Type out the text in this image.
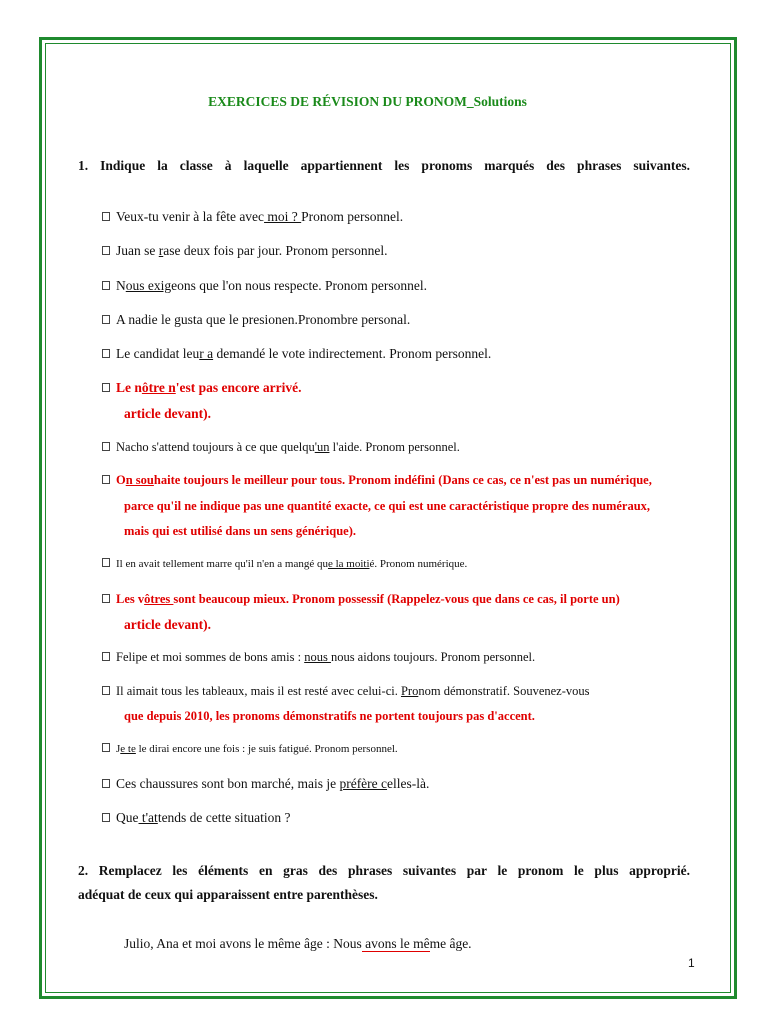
EXERCICES DE RÉVISION DU PRONOM_Solutions
1. Indique la classe à laquelle appartiennent les pronoms marqués des phrases suivantes.
Veux-tu venir à la fête avec moi ? Pronom personnel.
Juan se rase deux fois par jour. Pronom personnel.
Nous exigeons que l'on nous respecte. Pronom personnel.
A nadie le gusta que le presionen.Pronombre personal.
Le candidat leur a demandé le vote indirectement. Pronom personnel.
Le nôtre n'est pas encore arrivé.
article devant).
Nacho s'attend toujours à ce que quelqu'un l'aide. Pronom personnel.
On souhaite toujours le meilleur pour tous. Pronom indéfini (Dans ce cas, ce n'est pas un numérique,
parce qu'il ne indique pas une quantité exacte, ce qui est une caractéristique propre des numéraux,
mais qui est utilisé dans un sens générique).
Il en avait tellement marre qu'il n'en a mangé que la moitié. Pronom numérique.
Les vôtres sont beaucoup mieux. Pronom possessif (Rappelez-vous que dans ce cas, il porte un)
article devant).
Felipe et moi sommes de bons amis : nous nous aidons toujours. Pronom personnel.
Il aimait tous les tableaux, mais il est resté avec celui-ci. Pronom démonstratif. Souvenez-vous
que depuis 2010, les pronoms démonstratifs ne portent toujours pas d'accent.
Je te le dirai encore une fois : je suis fatigué. Pronom personnel.
Ces chaussures sont bon marché, mais je préfère celles-là.
Que t'attends de cette situation ?
2. Remplacez les éléments en gras des phrases suivantes par le pronom le plus approprié.
adéquat de ceux qui apparaissent entre parenthèses.
Julio, Ana et moi avons le même âge : Nous avons le même âge.
1
